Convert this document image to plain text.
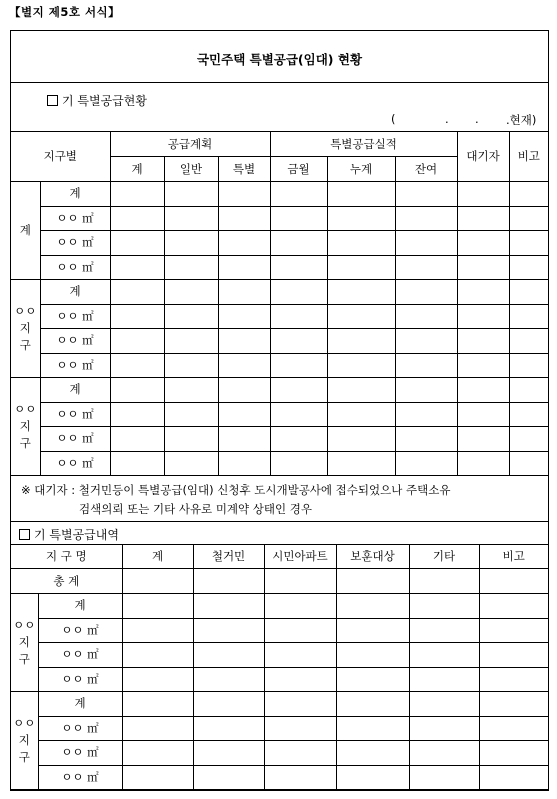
【별지 제5호 서식】
국민주택 특별공급(임대) 현황
기 특별공급현황
(	. . .현재)
지구별		공급계획			특별공급실적			대기자	비고
		계	일반	특별	금월	누계	잔여		

계	계								
	ㅇㅇ ㎡								
	ㅇㅇ ㎡								
	ㅇㅇ ㎡								

ㅇㅇ
지
구	계								
	ㅇㅇ ㎡								
	ㅇㅇ ㎡								
	ㅇㅇ ㎡								

ㅇㅇ
지
구	계								
	ㅇㅇ ㎡								
	ㅇㅇ ㎡								
	ㅇㅇ ㎡								
※ 대기자 : 철거민등이 특별공급(임대) 신청후 도시개발공사에 접수되었으나 주택소유
검색의뢰 또는 기타 사유로 미계약 상태인 경우
기 특별공급내역
지 구 명		계	철거민	시민아파트	보훈대상	기타	비고
총 계							

ㅇㅇ
지
구	계						
	ㅇㅇ ㎡						
	ㅇㅇ ㎡						
	ㅇㅇ ㎡						

ㅇㅇ
지
구	계						
	ㅇㅇ ㎡						
	ㅇㅇ ㎡						
	ㅇㅇ ㎡						
